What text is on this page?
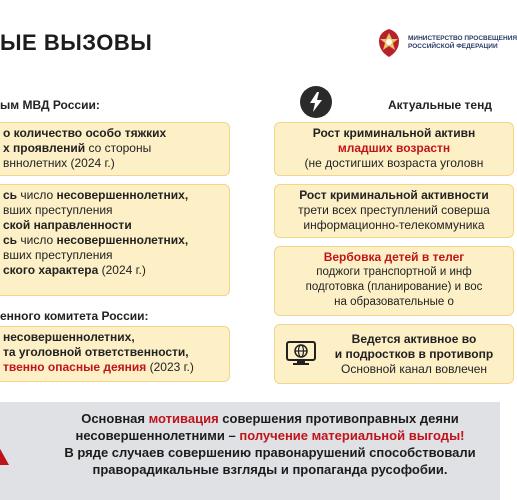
ЫЕ ВЫЗОВЫ	МИНИСТЕРСТВО ПРОСВЕЩЕНИЯ
РОССИЙСКОЙ ФЕДЕРАЦИИ
ым МВД России:	Актуальные тенд
о количество особо тяжких
х проявлений со стороны
вннолетних (2024 г.)
сь число несовершеннолетних,
вших преступления
ской направленности
сь число несовершеннолетних,
вших преступления
ского характера (2024 г.)
енного комитета России:
несовершеннолетних,
та уголовной ответственности,
твенно опасные деяния (2023 г.)
Рост криминальной активн
младших возрастн
(не достигших возраста уголовн
Рост криминальной активности
трети всех преступлений соверша
информационно-телекоммуника
Вербовка детей в телег
поджоги транспортной и инф
подготовка (планирование) и вос
на образовательные о
Ведется активное во
и подростков в противопр
Основной канал вовлечен
Основная мотивация совершения противоправных деяни
несовершеннолетними – получение материальной выгоды!
В ряде случаев совершению правонарушений способствовали
праворадикальные взгляды и пропаганда русофобии.
